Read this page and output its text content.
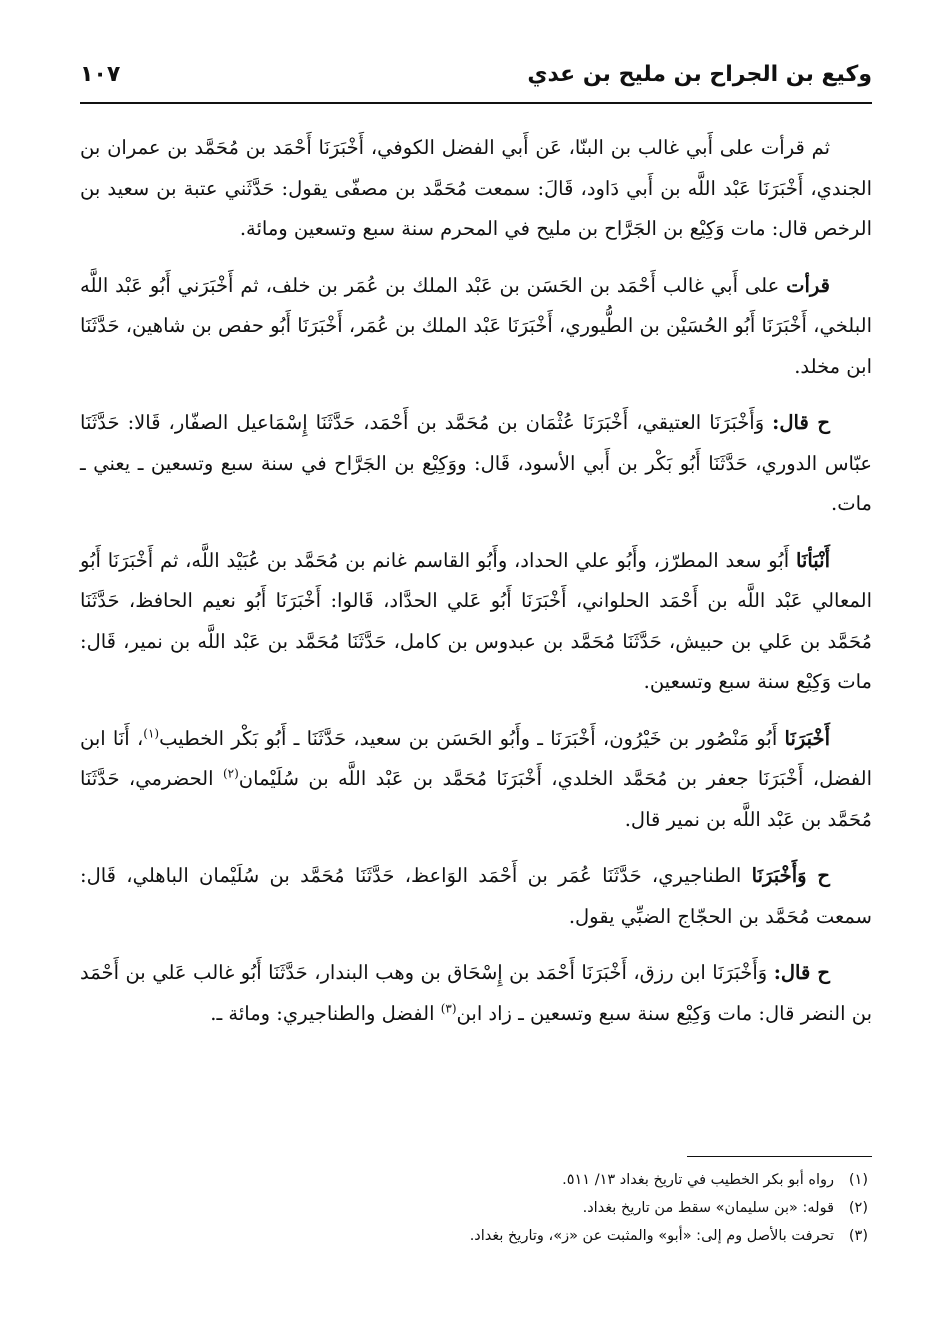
وكيع بن الجراح بن مليح بن عدي
١٠٧

ثم قرأت على أَبي غالب بن البنّا، عَن أَبي الفضل الكوفي، أَخْبَرَنَا أَحْمَد بن مُحَمَّد بن عمران بن الجندي، أَخْبَرَنَا عَبْد اللَّه بن أَبي دَاود، قَالَ: سمعت مُحَمَّد بن مصفّى يقول: حَدَّثَني عتبة بن سعيد بن الرخص قال: مات وَكِيْع بن الجَرَّاح بن مليح في المحرم سنة سبع وتسعين ومائة.

قرأت على أَبي غالب أَحْمَد بن الحَسَن بن عَبْد الملك بن عُمَر بن خلف، ثم أَخْبَرَني أَبُو عَبْد اللَّه البلخي، أَخْبَرَنَا أَبُو الحُسَيْن بن الطُّيوري، أَخْبَرَنَا عَبْد الملك بن عُمَر، أَخْبَرَنَا أَبُو حفص بن شاهين، حَدَّثَنَا ابن مخلد.

ح قال: وَأَخْبَرَنَا العتيقي، أَخْبَرَنَا عُثْمَان بن مُحَمَّد بن أَحْمَد، حَدَّثَنَا إِسْمَاعيل الصفّار، قَالا: حَدَّثَنَا عبّاس الدوري، حَدَّثَنَا أَبُو بَكْر بن أَبي الأسود، قَال: ووَكِيْع بن الجَرَّاح في سنة سبع وتسعين ـ يعني ـ مات.

أَنْبَأنَا أَبُو سعد المطرّز، وأَبُو علي الحداد، وأَبُو القاسم غانم بن مُحَمَّد بن عُبَيْد اللَّه، ثم أَخْبَرَنَا أَبُو المعالي عَبْد اللَّه بن أَحْمَد الحلواني، أَخْبَرَنَا أَبُو عَلي الحدَّاد، قَالوا: أَخْبَرَنَا أَبُو نعيم الحافظ، حَدَّثَنَا مُحَمَّد بن عَلي بن حبيش، حَدَّثَنَا مُحَمَّد بن عبدوس بن كامل، حَدَّثَنَا مُحَمَّد بن عَبْد اللَّه بن نمير، قَال: مات وَكِيْع سنة سبع وتسعين.

أَخْبَرَنَا أَبُو مَنْصُور بن خَيْرُون، أَخْبَرَنَا ـ وأَبُو الحَسَن بن سعيد، حَدَّثَنَا ـ أَبُو بَكْر الخطيب$^{(١)}$، أَنَا ابن الفضل، أَخْبَرَنَا جعفر بن مُحَمَّد الخلدي، أَخْبَرَنَا مُحَمَّد بن عَبْد اللَّه بن سُلَيْمان$^{(٢)}$ الحضرمي، حَدَّثَنَا مُحَمَّد بن عَبْد اللَّه بن نمير قال.

ح وَأَخْبَرَنَا الطناجيري، حَدَّثَنَا عُمَر بن أَحْمَد الوَاعظ، حَدَّثَنَا مُحَمَّد بن سُلَيْمان الباهلي، قَال: سمعت مُحَمَّد بن الحجّاج الضبِّي يقول.

ح قال: وَأَخْبَرَنَا ابن رزق، أَخْبَرَنَا أَحْمَد بن إِسْحَاق بن وهب البندار، حَدَّثَنَا أَبُو غالب عَلي بن أَحْمَد بن النضر قال: مات وَكِيْع سنة سبع وتسعين ـ زاد ابن$^{(٣)}$ الفضل والطناجيري: ومائة ـ.

(١)رواه أبو بكر الخطيب في تاريخ بغداد ١٣/ ٥١١.

(٢)قوله: «بن سليمان» سقط من تاريخ بغداد.

(٣)تحرفت بالأصل وم إلى: «أبو» والمثبت عن «ز»، وتاريخ بغداد.
